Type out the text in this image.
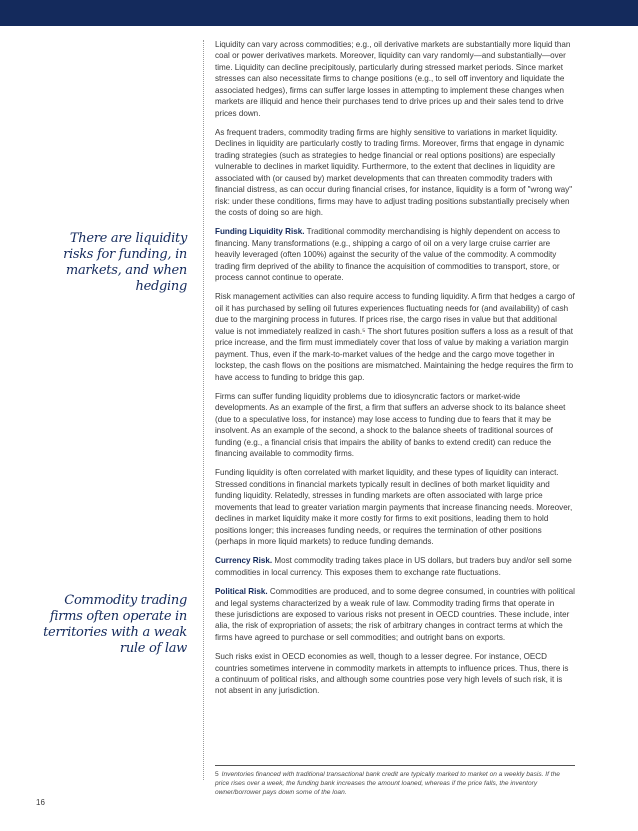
There are liquidity risks for funding, in markets, and when hedging
Commodity trading firms often operate in territories with a weak rule of law

Liquidity can vary across commodities; e.g., oil derivative markets are substantially more liquid than coal or power derivatives markets. Moreover, liquidity can vary randomly—and substantially—over time. Liquidity can decline precipitously, particularly during stressed market periods. Since market stresses can also necessitate firms to change positions (e.g., to sell off inventory and liquidate the associated hedges), firms can suffer large losses in attempting to implement these changes when markets are illiquid and hence their purchases tend to drive prices up and their sales tend to drive prices down.

As frequent traders, commodity trading firms are highly sensitive to variations in market liquidity. Declines in liquidity are particularly costly to trading firms. Moreover, firms that engage in dynamic trading strategies (such as strategies to hedge financial or real options positions) are especially vulnerable to declines in market liquidity. Furthermore, to the extent that declines in liquidity are associated with (or caused by) market developments that can threaten commodity traders with financial distress, as can occur during financial crises, for instance, liquidity is a form of "wrong way" risk: under these conditions, firms may have to adjust trading positions substantially precisely when the costs of doing so are high.

Funding Liquidity Risk. Traditional commodity merchandising is highly dependent on access to financing. Many transformations (e.g., shipping a cargo of oil on a very large cruise carrier are heavily leveraged (often 100%) against the security of the value of the commodity. A commodity trading firm deprived of the ability to finance the acquisition of commodities to transport, store, or process cannot continue to operate.

Risk management activities can also require access to funding liquidity. A firm that hedges a cargo of oil it has purchased by selling oil futures experiences fluctuating needs for (and availability) of cash due to the margining process in futures. If prices rise, the cargo rises in value but that additional value is not immediately realized in cash.⁵ The short futures position suffers a loss as a result of that price increase, and the firm must immediately cover that loss of value by making a variation margin payment. Thus, even if the mark-to-market values of the hedge and the cargo move together in lockstep, the cash flows on the positions are mismatched. Maintaining the hedge requires the firm to have access to funding to bridge this gap.

Firms can suffer funding liquidity problems due to idiosyncratic factors or market-wide developments. As an example of the first, a firm that suffers an adverse shock to its balance sheet (due to a speculative loss, for instance) may lose access to funding due to fears that it may be insolvent. As an example of the second, a shock to the balance sheets of traditional sources of funding (e.g., a financial crisis that impairs the ability of banks to extend credit) can reduce the financing available to commodity firms.

Funding liquidity is often correlated with market liquidity, and these types of liquidity can interact. Stressed conditions in financial markets typically result in declines of both market liquidity and funding liquidity. Relatedly, stresses in funding markets are often associated with large price movements that lead to greater variation margin payments that increase financing needs. Moreover, declines in market liquidity make it more costly for firms to exit positions, leading them to hold positions longer; this increases funding needs, or requires the termination of other positions (perhaps in more liquid markets) to reduce funding demands.

Currency Risk. Most commodity trading takes place in US dollars, but traders buy and/or sell some commodities in local currency. This exposes them to exchange rate fluctuations.

Political Risk. Commodities are produced, and to some degree consumed, in countries with political and legal systems characterized by a weak rule of law. Commodity trading firms that operate in these jurisdictions are exposed to various risks not present in OECD countries. These include, inter alia, the risk of expropriation of assets; the risk of arbitrary changes in contract terms at which the firms have agreed to purchase or sell commodities; and outright bans on exports.

Such risks exist in OECD economies as well, though to a lesser degree. For instance, OECD countries sometimes intervene in commodity markets in attempts to influence prices. Thus, there is a continuum of political risks, and although some countries pose very high levels of such risk, it is not absent in any jurisdiction.

5 Inventories financed with traditional transactional bank credit are typically marked to market on a weekly basis. If the price rises over a week, the funding bank increases the amount loaned, whereas if the price falls, the inventory owner/borrower pays down some of the loan.
16
